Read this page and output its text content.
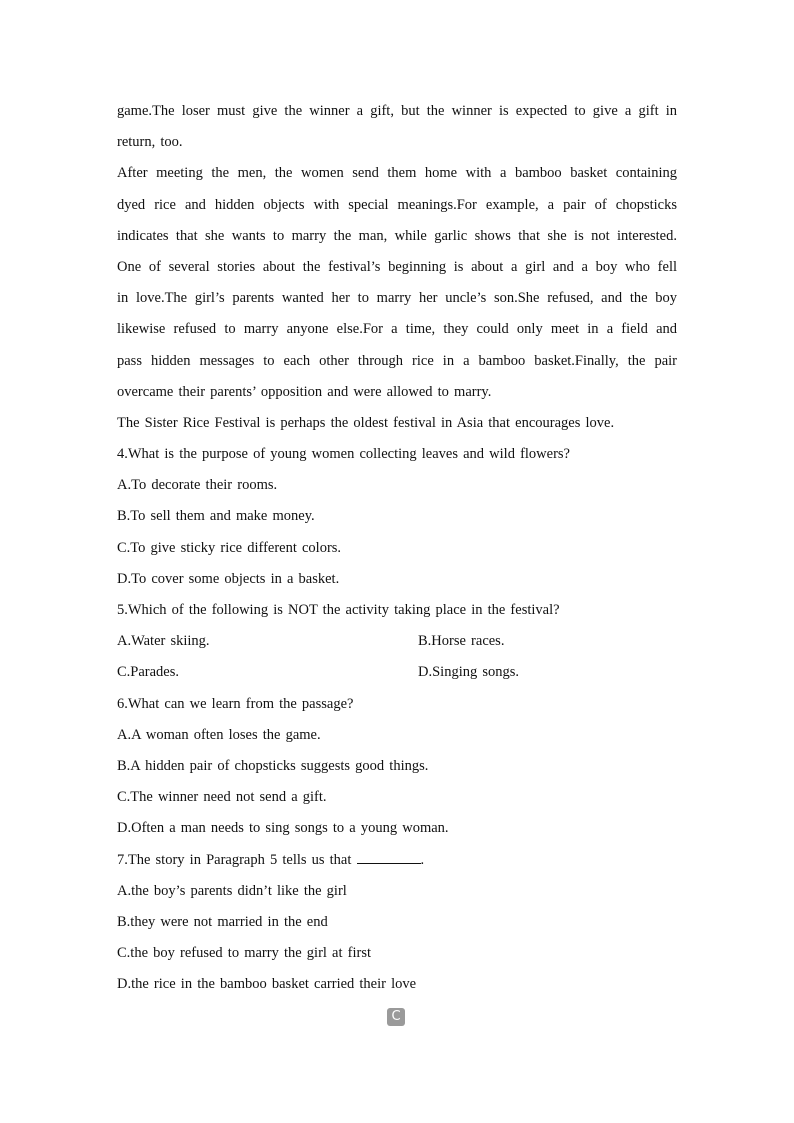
game.The loser must give the winner a gift, but the winner is expected to give a gift in
return, too.
After meeting the men, the women send them home with a bamboo basket containing
dyed rice and hidden objects with special meanings.For example, a pair of chopsticks
indicates that she wants to marry the man, while garlic shows that she is not interested.
One of several stories about the festival’s beginning is about a girl and a boy who fell
in love.The girl’s parents wanted her to marry her uncle’s son.She refused, and the boy
likewise refused to marry anyone else.For a time, they could only meet in a field and
pass hidden messages to each other through rice in a bamboo basket.Finally, the pair
overcame their parents’ opposition and were allowed to marry.
The Sister Rice Festival is perhaps the oldest festival in Asia that encourages love.
4.What is the purpose of young women collecting leaves and wild flowers?
A.To decorate their rooms.
B.To sell them and make money.
C.To give sticky rice different colors.
D.To cover some objects in a basket.
5.Which of the following is NOT the activity taking place in the festival?
A.Water skiing.	B.Horse races.
C.Parades.	D.Singing songs.
6.What can we learn from the passage?
A.A woman often loses the game.
B.A hidden pair of chopsticks suggests good things.
C.The winner need not send a gift.
D.Often a man needs to sing songs to a young woman.
7.The story in Paragraph 5 tells us that	.
A.the boy’s parents didn’t like the girl
B.they were not married in the end
C.the boy refused to marry the girl at first
D.the rice in the bamboo basket carried their love
C
